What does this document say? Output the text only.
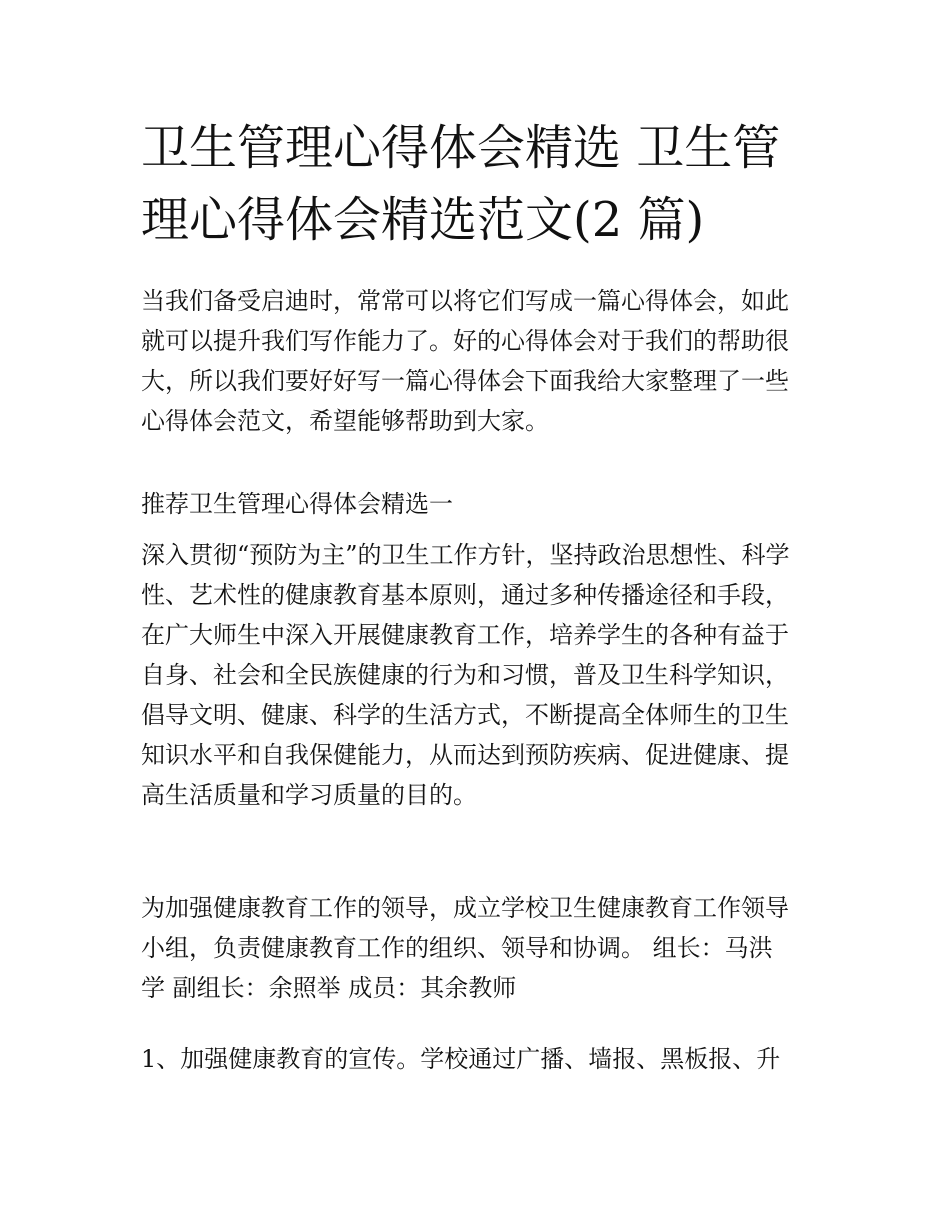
卫生管理心得体会精选 卫生管
理心得体会精选范文(2 篇)
当我们备受启迪时，常常可以将它们写成一篇心得体会，如此
就可以提升我们写作能力了。好的心得体会对于我们的帮助很
大，所以我们要好好写一篇心得体会下面我给大家整理了一些
心得体会范文，希望能够帮助到大家。
推荐卫生管理心得体会精选一
深入贯彻“预防为主”的卫生工作方针，坚持政治思想性、科学
性、艺术性的健康教育基本原则，通过多种传播途径和手段，
在广大师生中深入开展健康教育工作，培养学生的各种有益于
自身、社会和全民族健康的行为和习惯，普及卫生科学知识，
倡导文明、健康、科学的生活方式，不断提高全体师生的卫生
知识水平和自我保健能力，从而达到预防疾病、促进健康、提
高生活质量和学习质量的目的。
为加强健康教育工作的领导，成立学校卫生健康教育工作领导
小组，负责健康教育工作的组织、领导和协调。 组长：马洪
学 副组长：余照举 成员：其余教师
1、加强健康教育的宣传。学校通过广播、墙报、黑板报、升
